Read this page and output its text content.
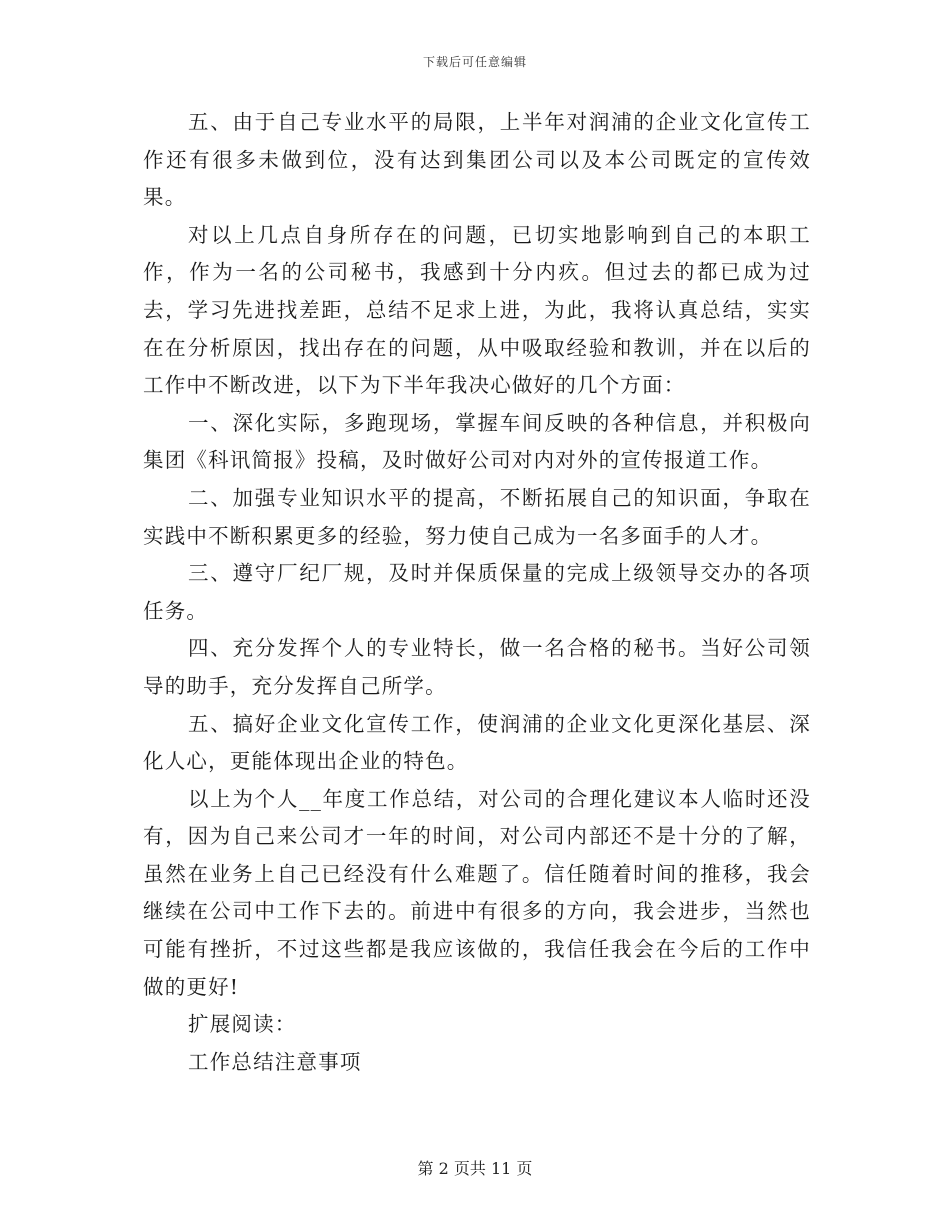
下载后可任意编辑

五、由于自己专业水平的局限，上半年对润浦的企业文化宣传工作还有很多未做到位，没有达到集团公司以及本公司既定的宣传效果。

对以上几点自身所存在的问题，已切实地影响到自己的本职工作，作为一名的公司秘书，我感到十分内疚。但过去的都已成为过去，学习先进找差距，总结不足求上进，为此，我将认真总结，实实在在分析原因，找出存在的问题，从中吸取经验和教训，并在以后的工作中不断改进，以下为下半年我决心做好的几个方面：

一、深化实际，多跑现场，掌握车间反映的各种信息，并积极向集团《科讯简报》投稿，及时做好公司对内对外的宣传报道工作。

二、加强专业知识水平的提高，不断拓展自己的知识面，争取在实践中不断积累更多的经验，努力使自己成为一名多面手的人才。

三、遵守厂纪厂规，及时并保质保量的完成上级领导交办的各项任务。

四、充分发挥个人的专业特长，做一名合格的秘书。当好公司领导的助手，充分发挥自己所学。

五、搞好企业文化宣传工作，使润浦的企业文化更深化基层、深化人心，更能体现出企业的特色。

以上为个人__年度工作总结，对公司的合理化建议本人临时还没有，因为自己来公司才一年的时间，对公司内部还不是十分的了解，虽然在业务上自己已经没有什么难题了。信任随着时间的推移，我会继续在公司中工作下去的。前进中有很多的方向，我会进步，当然也可能有挫折，不过这些都是我应该做的，我信任我会在今后的工作中做的更好!

扩展阅读：

工作总结注意事项

第 2 页共 11 页
